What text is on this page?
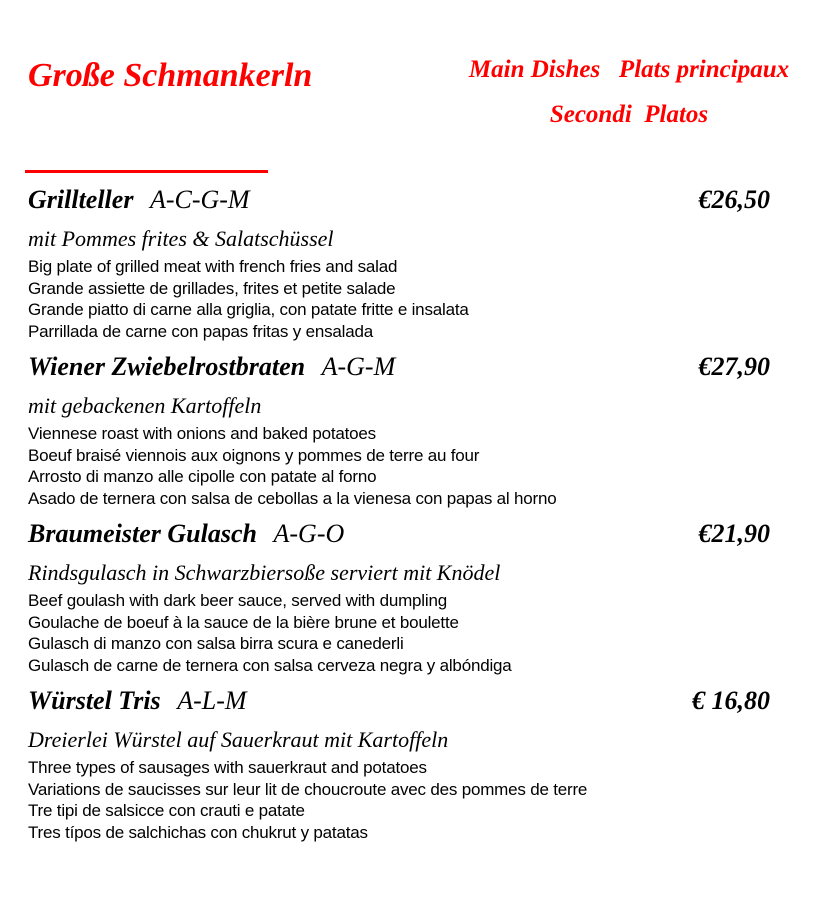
Große Schmankerln	Main Dishes   Plats principaux
Secondi  Platos
Grillteller A-C-G-M	€26,50
mit Pommes frites & Salatschüssel
Big plate of grilled meat with french fries and salad
Grande assiette de grillades, frites et petite salade
Grande piatto di carne alla griglia, con patate fritte e insalata
Parrillada de carne con papas fritas y ensalada
Wiener Zwiebelrostbraten A-G-M	€27,90
mit gebackenen Kartoffeln
Viennese roast with onions and baked potatoes
Boeuf braisé viennois aux oignons y pommes de terre au four
Arrosto di manzo alle cipolle con patate al forno
Asado de ternera con salsa de cebollas a la vienesa con papas al horno
Braumeister Gulasch A-G-O	€21,90
Rindsgulasch in Schwarzbiersoße serviert mit Knödel
Beef goulash with dark beer sauce, served with dumpling
Goulache de boeuf à la sauce de la bière brune et boulette
Gulasch di manzo con salsa birra scura e canederli
Gulasch de carne de ternera con salsa cerveza negra y albóndiga
Würstel Tris A-L-M	€ 16,80
Dreierlei Würstel auf Sauerkraut mit Kartoffeln
Three types of sausages with sauerkraut and potatoes
Variations de saucisses sur leur lit de choucroute avec des pommes de terre
Tre tipi de salsicce con crauti e patate
Tres típos de salchichas con chukrut y patatas
